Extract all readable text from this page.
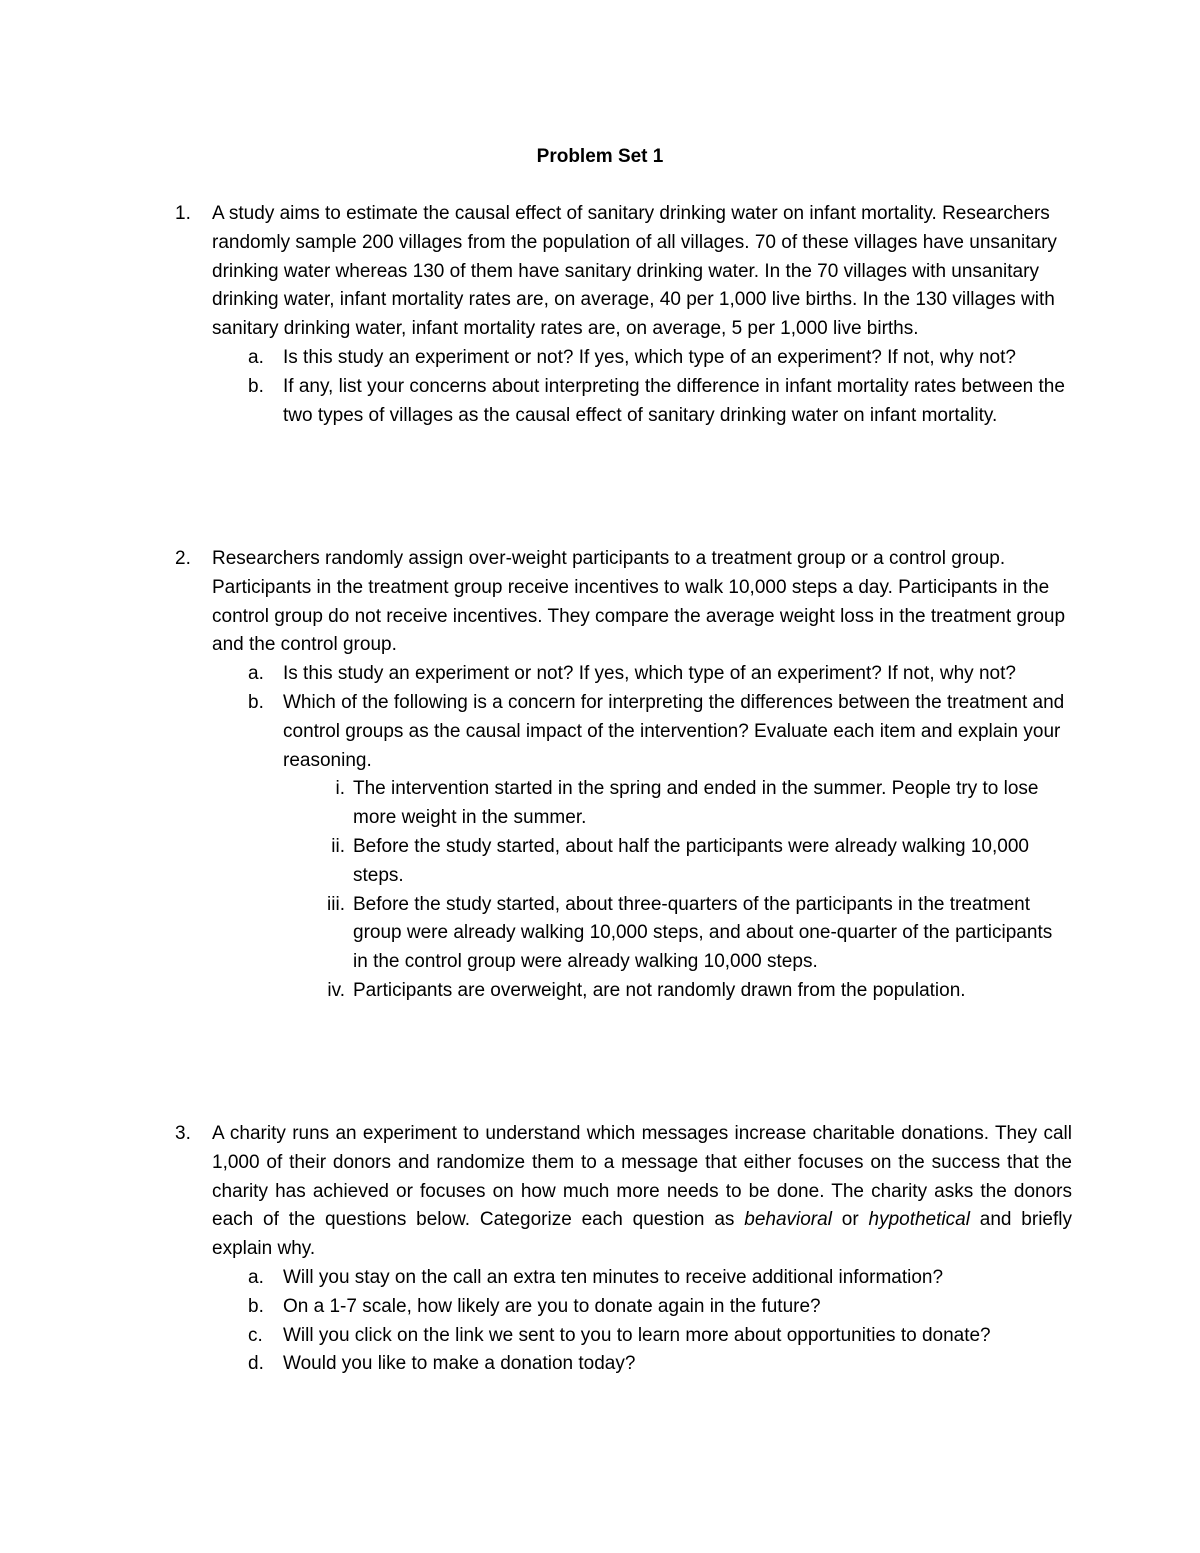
Problem Set 1
1.	A study aims to estimate the causal effect of sanitary drinking water on infant mortality. Researchers randomly sample 200 villages from the population of all villages. 70 of these villages have unsanitary drinking water whereas 130 of them have sanitary drinking water. In the 70 villages with unsanitary drinking water, infant mortality rates are, on average, 40 per 1,000 live births. In the 130 villages with sanitary drinking water, infant mortality rates are, on average, 5 per 1,000 live births.

a.	Is this study an experiment or not? If yes, which type of an experiment? If not, why not?

b.	If any, list your concerns about interpreting the difference in infant mortality rates between the two types of villages as the causal effect of sanitary drinking water on infant mortality.

2.	Researchers randomly assign over-weight participants to a treatment group or a control group. Participants in the treatment group receive incentives to walk 10,000 steps a day. Participants in the control group do not receive incentives. They compare the average weight loss in the treatment group and the control group.

a.	Is this study an experiment or not? If yes, which type of an experiment? If not, why not?

b.	Which of the following is a concern for interpreting the differences between the treatment and control groups as the causal impact of the intervention? Evaluate each item and explain your reasoning.

i. The intervention started in the spring and ended in the summer. People try to lose more weight in the summer.

ii. Before the study started, about half the participants were already walking 10,000 steps.

iii. Before the study started, about three-quarters of the participants in the treatment group were already walking 10,000 steps, and about one-quarter of the participants in the control group were already walking 10,000 steps.

iv. Participants are overweight, are not randomly drawn from the population.

3.	A charity runs an experiment to understand which messages increase charitable donations. They call 1,000 of their donors and randomize them to a message that either focuses on the success that the charity has achieved or focuses on how much more needs to be done. The charity asks the donors each of the questions below. Categorize each question as behavioral or hypothetical and briefly explain why.

a.	Will you stay on the call an extra ten minutes to receive additional information?

b.	On a 1-7 scale, how likely are you to donate again in the future?

c.	Will you click on the link we sent to you to learn more about opportunities to donate?

d.	Would you like to make a donation today?
